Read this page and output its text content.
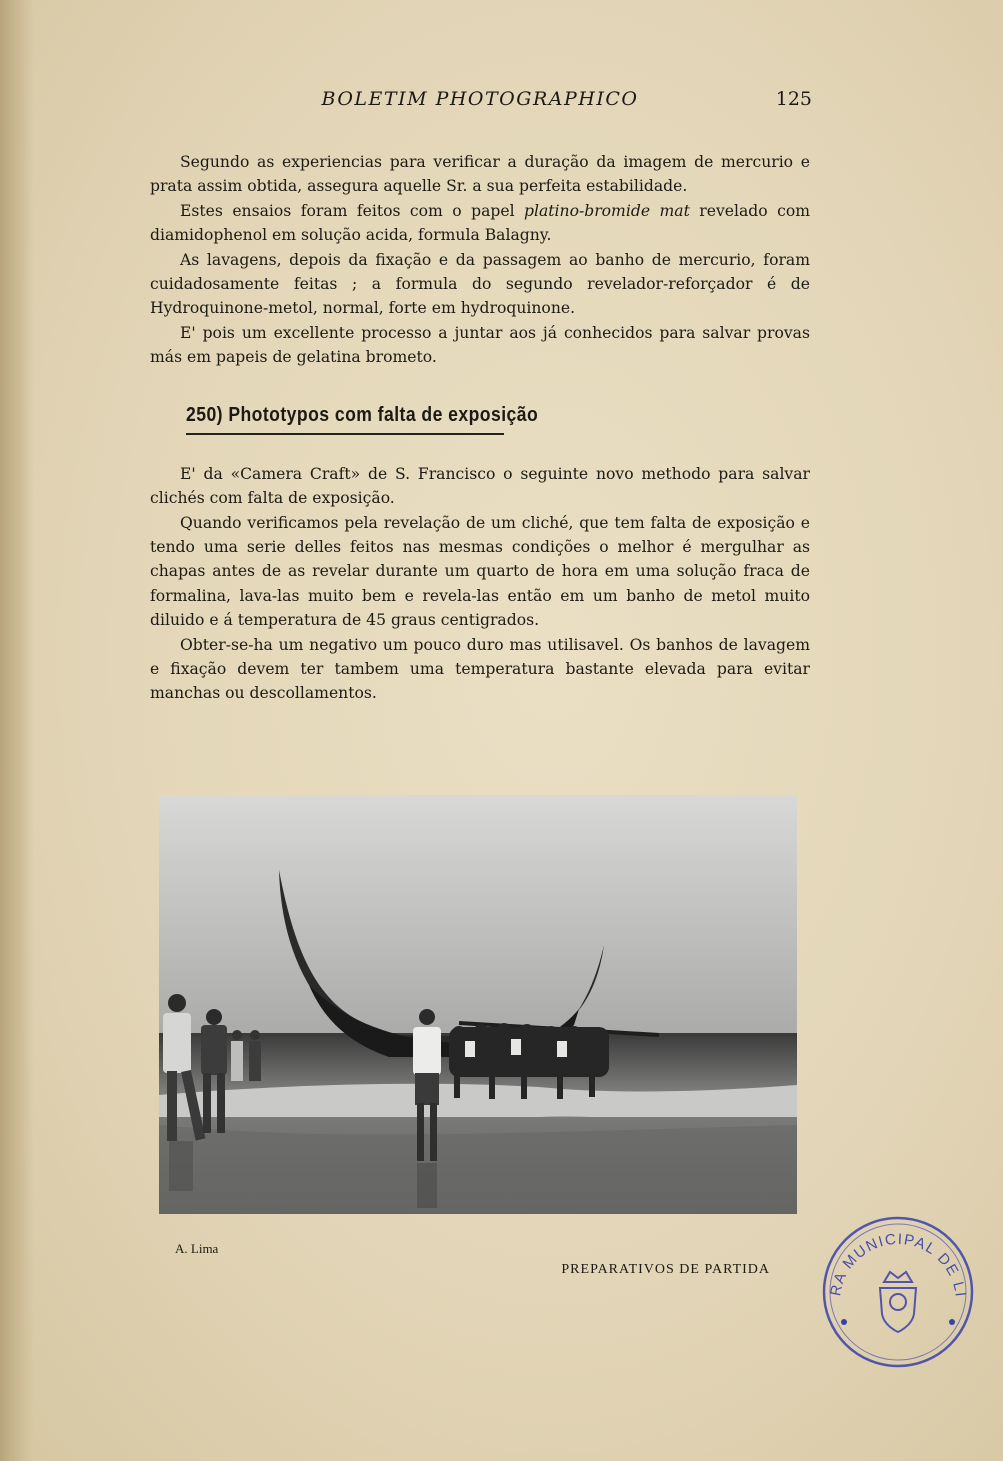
BOLETIM PHOTOGRAPHICO	125

Segundo as experiencias para verificar a duração da imagem de mercurio e prata assim obtida, assegura aquelle Sr. a sua perfeita estabilidade.

Estes ensaios foram feitos com o papel platino-bromide mat revelado com diamidophenol em solução acida, formula Balagny.

As lavagens, depois da fixação e da passagem ao banho de mercurio, foram cuidadosamente feitas ; a formula do segundo revelador-reforçador é de Hydroquinone-metol, normal, forte em hydroquinone.

E' pois um excellente processo a juntar aos já conhecidos para salvar provas más em papeis de gelatina brometo.

250) Phototypos com falta de exposição

E' da «Camera Craft» de S. Francisco o seguinte novo methodo para salvar clichés com falta de exposição.

Quando verificamos pela revelação de um cliché, que tem falta de exposição e tendo uma serie delles feitos nas mesmas condições o melhor é mergulhar as chapas antes de as revelar durante um quarto de hora em uma solução fraca de formalina, lava-las muito bem e revela-las então em um banho de metol muito diluido e á temperatura de 45 graus centigrados.

Obter-se-ha um negativo um pouco duro mas utilisavel. Os banhos de lavagem e fixação devem ter tambem uma temperatura bastante elevada para evitar manchas ou descollamentos.

A. Lima
PREPARATIVOS DE PARTIDA
RA MUNICIPAL DE LI
